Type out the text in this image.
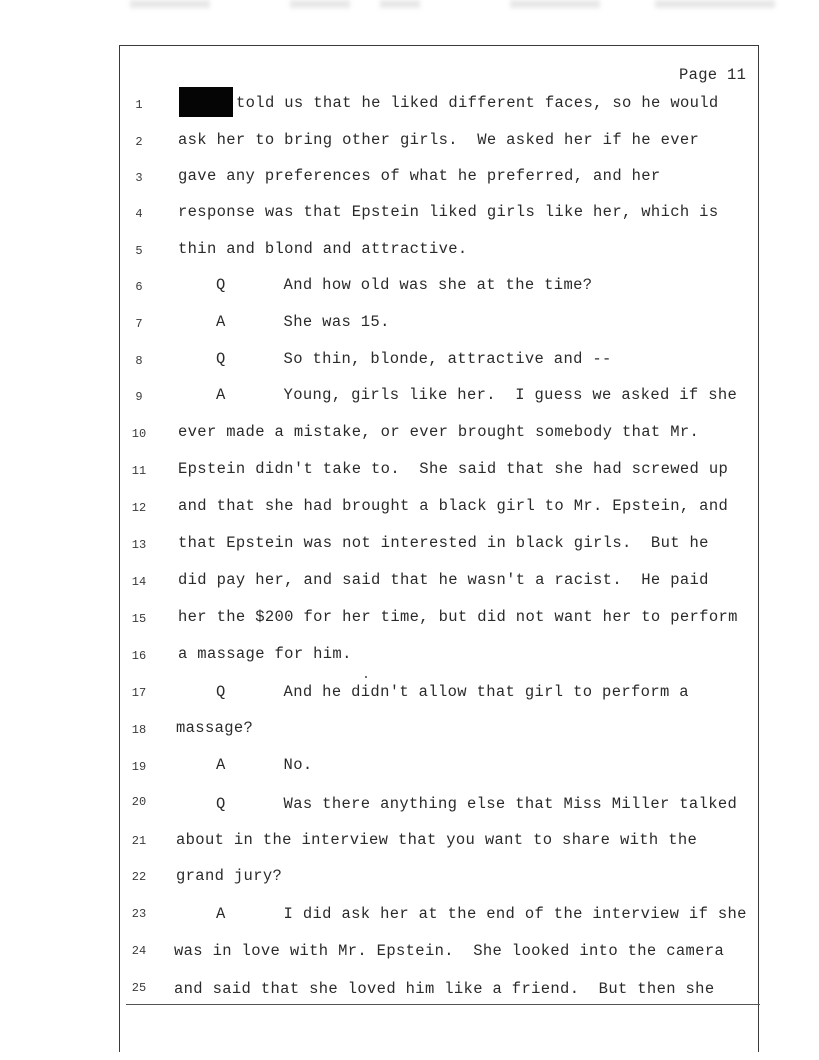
Page 11
1	told us that he liked different faces, so he would
2	ask her to bring other girls.  We asked her if he ever
3	gave any preferences of what he preferred, and her
4	response was that Epstein liked girls like her, which is
5	thin and blond and attractive.
6	Q      And how old was she at the time?
7	A      She was 15.
8	Q      So thin, blonde, attractive and --
9	A      Young, girls like her.  I guess we asked if she
10	ever made a mistake, or ever brought somebody that Mr.
11	Epstein didn't take to.  She said that she had screwed up
12	and that she had brought a black girl to Mr. Epstein, and
13	that Epstein was not interested in black girls.  But he
14	did pay her, and said that he wasn't a racist.  He paid
15	her the $200 for her time, but did not want her to perform
16	a massage for him.
17	Q      And he didn't allow that girl to perform a
18	massage?
19	A      No.
20	Q      Was there anything else that Miss Miller talked
21	about in the interview that you want to share with the
22	grand jury?
23	A      I did ask her at the end of the interview if she
24	was in love with Mr. Epstein.  She looked into the camera
25	and said that she loved him like a friend.  But then she
